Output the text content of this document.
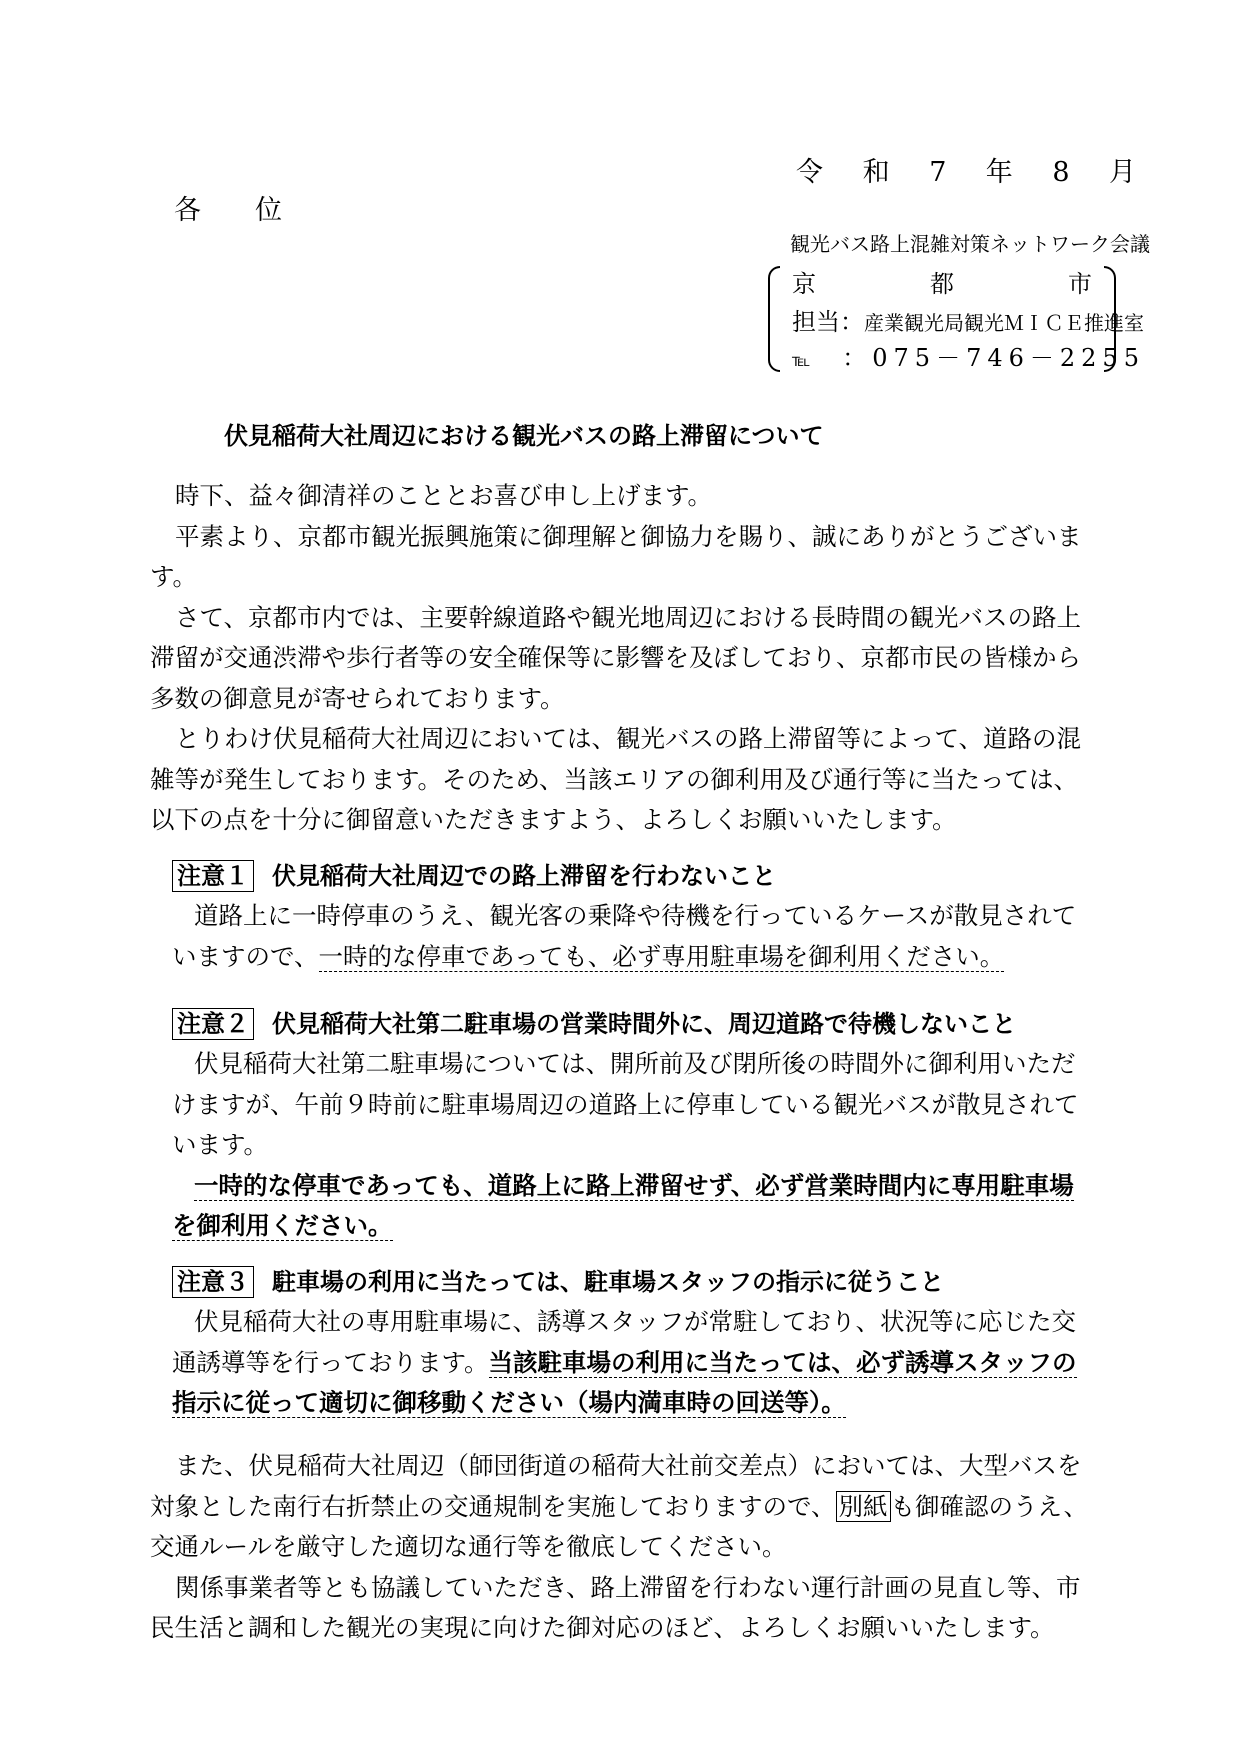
令 和 7 年 8 月
各　　位
観光バス路上混雑対策ネットワーク会議
京	都	市
担当：産業観光局観光ＭＩＣＥ推進室
℡　 ：075－746－2255
伏見稲荷大社周辺における観光バスの路上滞留について

時下、益々御清祥のこととお喜び申し上げます。

平素より、京都市観光振興施策に御理解と御協力を賜り、誠にありがとうございま

す。

さて、京都市内では、主要幹線道路や観光地周辺における長時間の観光バスの路上

滞留が交通渋滞や歩行者等の安全確保等に影響を及ぼしており、京都市民の皆様から

多数の御意見が寄せられております。

とりわけ伏見稲荷大社周辺においては、観光バスの路上滞留等によって、道路の混

雑等が発生しております。そのため、当該エリアの御利用及び通行等に当たっては、

以下の点を十分に御留意いただきますよう、よろしくお願いいたします。

注意１ 伏見稲荷大社周辺での路上滞留を行わないこと

道路上に一時停車のうえ、観光客の乗降や待機を行っているケースが散見されて

いますので、一時的な停車であっても、必ず専用駐車場を御利用ください。

注意２ 伏見稲荷大社第二駐車場の営業時間外に、周辺道路で待機しないこと

伏見稲荷大社第二駐車場については、開所前及び閉所後の時間外に御利用いただ

けますが、午前９時前に駐車場周辺の道路上に停車している観光バスが散見されて

います。

一時的な停車であっても、道路上に路上滞留せず、必ず営業時間内に専用駐車場

を御利用ください。

注意３ 駐車場の利用に当たっては、駐車場スタッフの指示に従うこと

伏見稲荷大社の専用駐車場に、誘導スタッフが常駐しており、状況等に応じた交

通誘導等を行っております。当該駐車場の利用に当たっては、必ず誘導スタッフの

指示に従って適切に御移動ください（場内満車時の回送等）。

また、伏見稲荷大社周辺（師団街道の稲荷大社前交差点）においては、大型バスを

対象とした南行右折禁止の交通規制を実施しておりますので、 別紙 も御確認のうえ、

交通ルールを厳守した適切な通行等を徹底してください。

関係事業者等とも協議していただき、路上滞留を行わない運行計画の見直し等、市

民生活と調和した観光の実現に向けた御対応のほど、よろしくお願いいたします。
